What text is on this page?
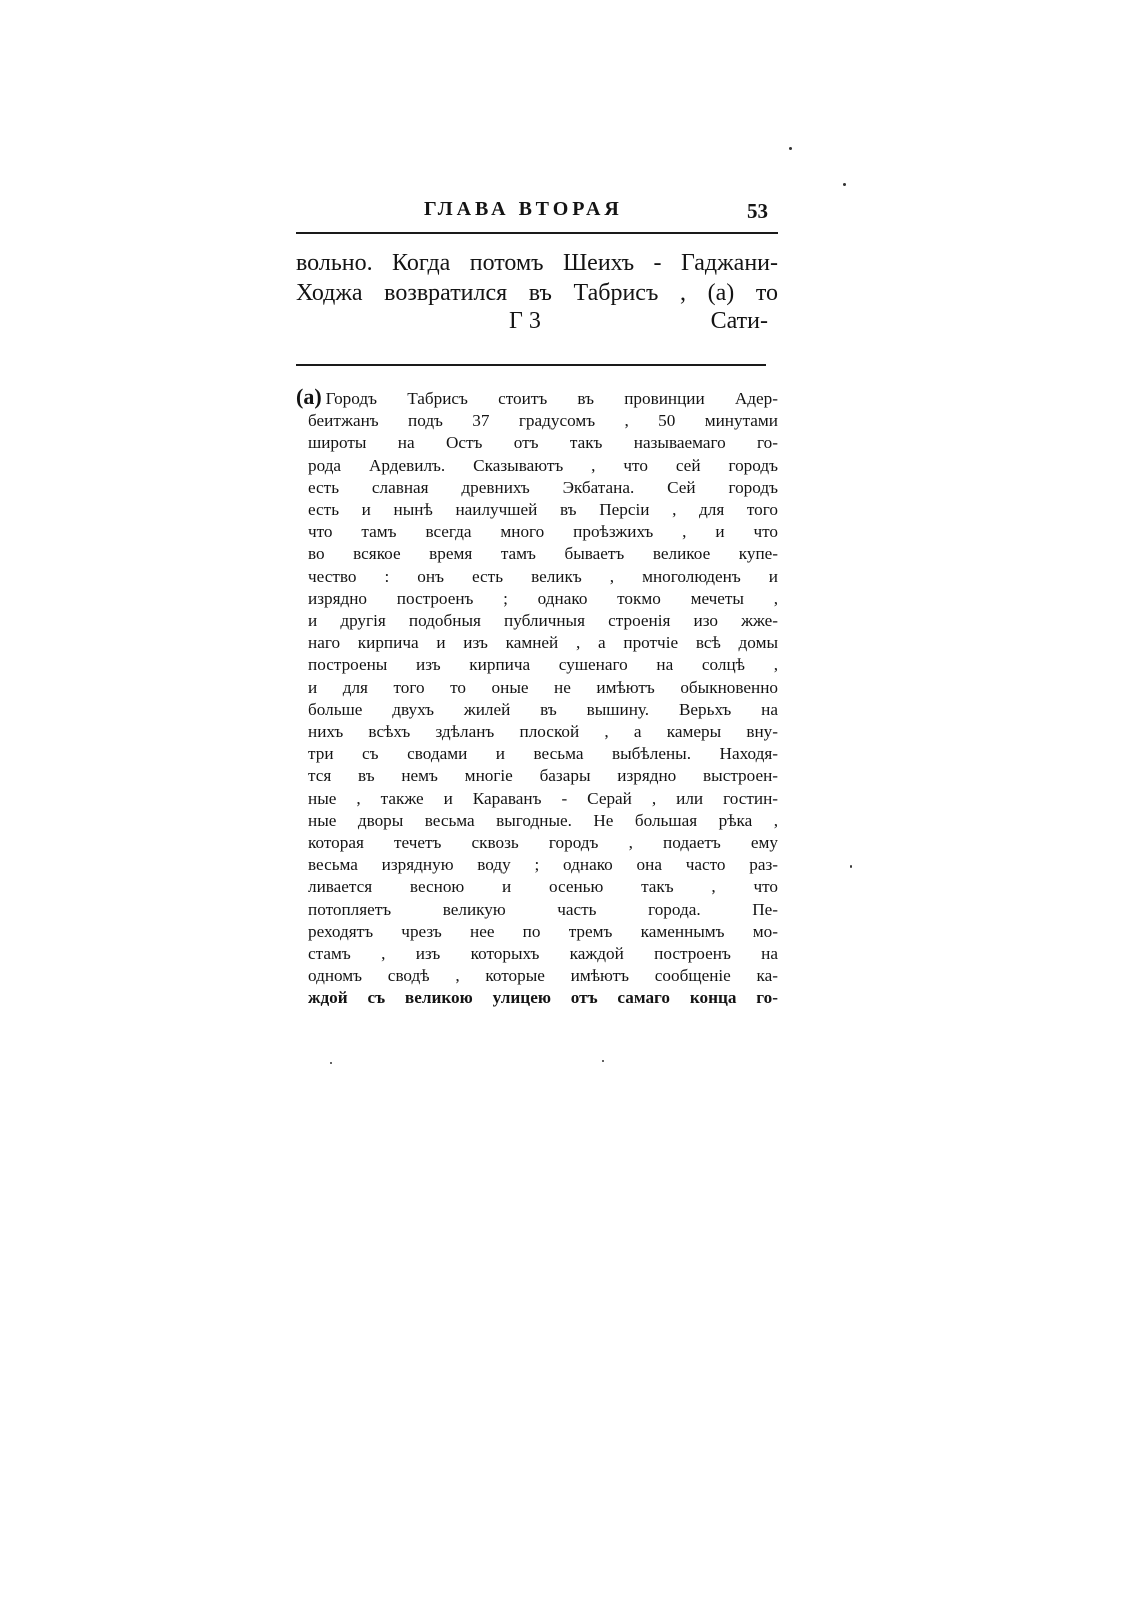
ГЛАВА ВТОРАЯ	53
вольно. Когда потомъ Шеихъ - Гаджани-
Ходжа возвратился въ Табрисъ , (a) то
Г 3	Сати-
(a) Городъ Табрисъ стоитъ въ провинции Адер-
беитжанъ подъ 37 градусомъ , 50 минутами
широты на Остъ отъ такъ называемаго го-
рода Ардевилъ. Сказываютъ , что сей городъ
есть славная древнихъ Экбатана. Сей городъ
есть и нынѣ наилучшей въ Персіи , для того
что тамъ всегда много проѣзжихъ , и что
во всякое время тамъ бываетъ великое купе-
чество : онъ есть великъ , многолюденъ и
изрядно построенъ ; однако токмо мечеты ,
и другія подобныя публичныя строенія изо жже-
наго кирпича и изъ камней , а протчіе всѣ домы
построены изъ кирпича сушенаго на солцѣ ,
и для того то оные не имѣютъ обыкновенно
больше двухъ жилей въ вышину. Верьхъ на
нихъ всѣхъ здѣланъ плоской , а камеры вну-
три съ сводами и весьма выбѣлены. Находя-
тся въ немъ многіе базары изрядно выстроен-
ные , также и Караванъ - Серай , или гостин-
ные дворы весьма выгодные. Не большая рѣка ,
которая течетъ сквозь городъ , подаетъ ему
весьма изрядную воду ; однако она часто раз-
ливается весною и осенью такъ , что
потопляетъ великую часть города. Пе-
реходятъ чрезъ нее по тремъ каменнымъ мо-
стамъ , изъ которыхъ каждой построенъ на
одномъ сводѣ , которые имѣютъ сообщеніе ка-
ждой съ великою улицею отъ самаго конца го-
